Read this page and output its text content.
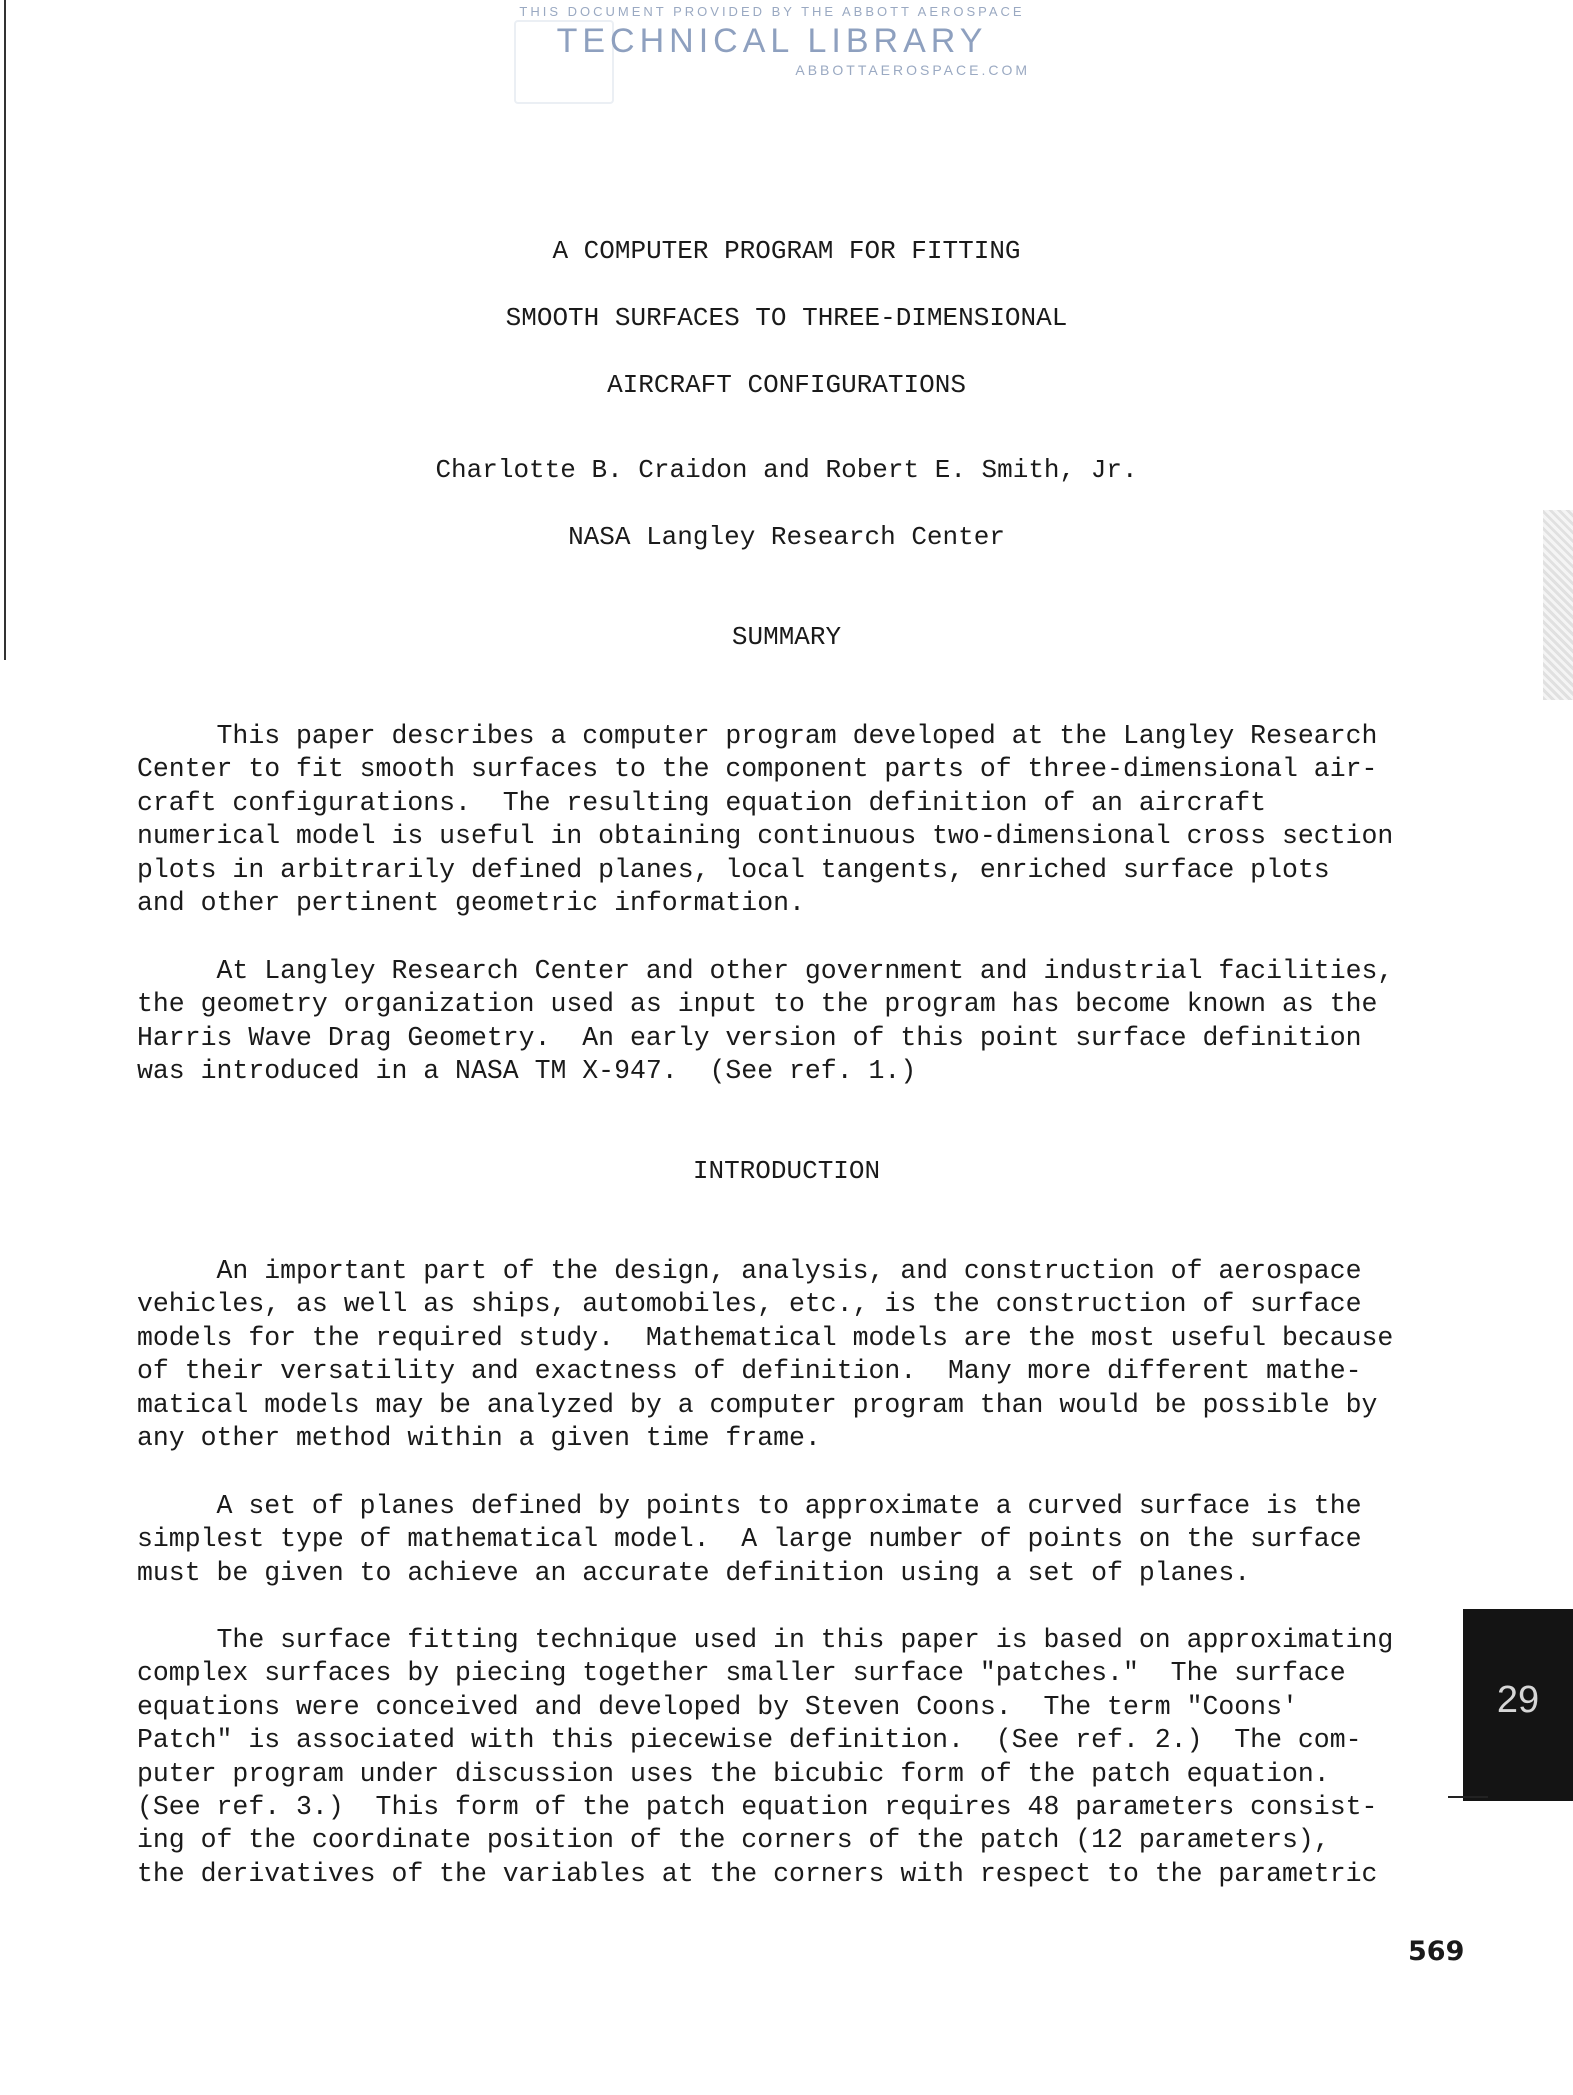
THIS DOCUMENT PROVIDED BY THE ABBOTT AEROSPACE
TECHNICAL LIBRARY
ABBOTTAEROSPACE.COM
A COMPUTER PROGRAM FOR FITTING
SMOOTH SURFACES TO THREE-DIMENSIONAL
AIRCRAFT CONFIGURATIONS
Charlotte B. Craidon and Robert E. Smith, Jr.
NASA Langley Research Center
SUMMARY
This paper describes a computer program developed at the Langley Research
Center to fit smooth surfaces to the component parts of three-dimensional air-
craft configurations.  The resulting equation definition of an aircraft
numerical model is useful in obtaining continuous two-dimensional cross section
plots in arbitrarily defined planes, local tangents, enriched surface plots
and other pertinent geometric information.
At Langley Research Center and other government and industrial facilities,
the geometry organization used as input to the program has become known as the
Harris Wave Drag Geometry.  An early version of this point surface definition
was introduced in a NASA TM X-947.  (See ref. 1.)
INTRODUCTION
An important part of the design, analysis, and construction of aerospace
vehicles, as well as ships, automobiles, etc., is the construction of surface
models for the required study.  Mathematical models are the most useful because
of their versatility and exactness of definition.  Many more different mathe-
matical models may be analyzed by a computer program than would be possible by
any other method within a given time frame.
A set of planes defined by points to approximate a curved surface is the
simplest type of mathematical model.  A large number of points on the surface
must be given to achieve an accurate definition using a set of planes.
The surface fitting technique used in this paper is based on approximating
complex surfaces by piecing together smaller surface "patches."  The surface
equations were conceived and developed by Steven Coons.  The term "Coons'
Patch" is associated with this piecewise definition.  (See ref. 2.)  The com-
puter program under discussion uses the bicubic form of the patch equation.
(See ref. 3.)  This form of the patch equation requires 48 parameters consist-
ing of the coordinate position of the corners of the patch (12 parameters),
the derivatives of the variables at the corners with respect to the parametric
29
569
